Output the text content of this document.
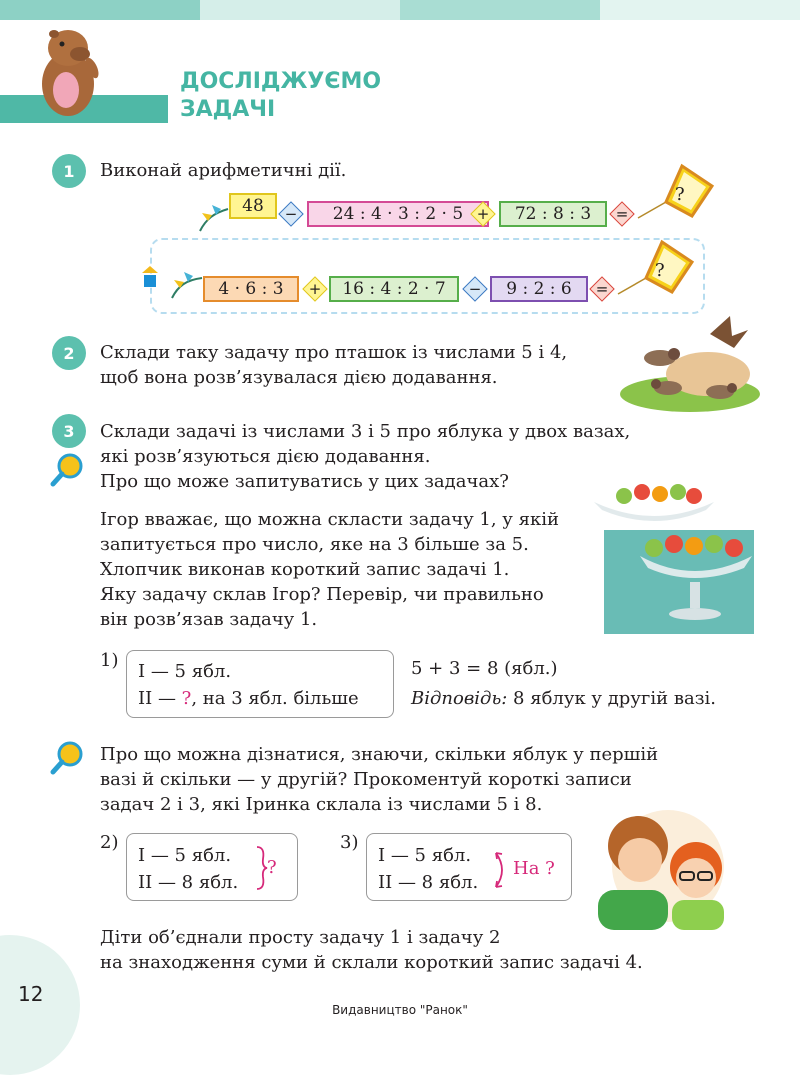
ДОСЛІДЖУЄМО
ЗАДАЧІ
1	Виконай арифметичні дії.
48	−	24 : 4 · 3 : 2 · 5 +	72 : 8 : 3	=
?
4 · 6 : 3	+	16 : 4 : 2 · 7	−	9 : 2 : 6	=
?
2	Склади таку задачу про пташок із числами 5 і 4,
щоб вона розв’язувалася дією додавання.
3	Склади задачі із числами 3 і 5 про яблука у двох вазах,
які розв’язуються дією додавання.
Про що може запитуватись у цих задачах?
Ігор вважає, що можна скласти задачу 1, у якій
запитується про число, яке на 3 більше за 5.
Хлопчик виконав короткий запис задачі 1.
Яку задачу склав Ігор? Перевір, чи правильно
він розв’язав задачу 1.
1)
I — 5 ябл.
II — ?, на 3 ябл. більше
5 + 3 = 8 (ябл.)
Відповідь: 8 яблук у другій вазі.
Про що можна дізнатися, знаючи, скільки яблук у першій
вазі й скільки — у другій? Прокоментуй короткі записи
задач 2 і 3, які Іринка склала із числами 5 і 8.
2)
I — 5 ябл.
II — 8 ябл.
?
3)
I — 5 ябл.
II — 8 ябл.
На ?
Діти об’єднали просту задачу 1 і задачу 2
на знаходження суми й склали короткий запис задачі 4.
12
Видавництво "Ранок"
